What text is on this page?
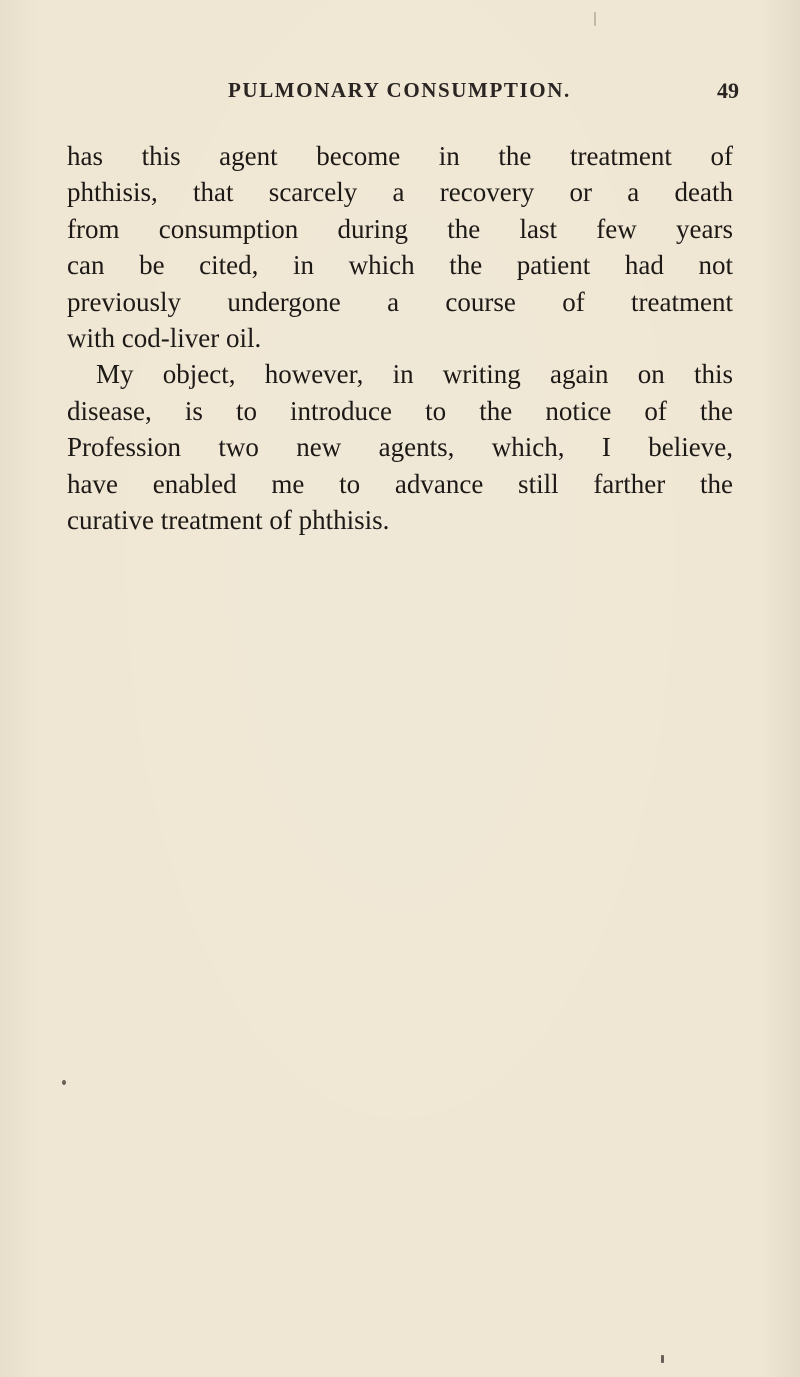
PULMONARY CONSUMPTION.	49
has this agent become in the treatment of
phthisis, that scarcely a recovery or a death
from consumption during the last few years
can be cited, in which the patient had not
previously undergone a course of treatment
with cod-liver oil.
My object, however, in writing again on this
disease, is to introduce to the notice of the
Profession two new agents, which, I believe,
have enabled me to advance still farther the
curative treatment of phthisis.
